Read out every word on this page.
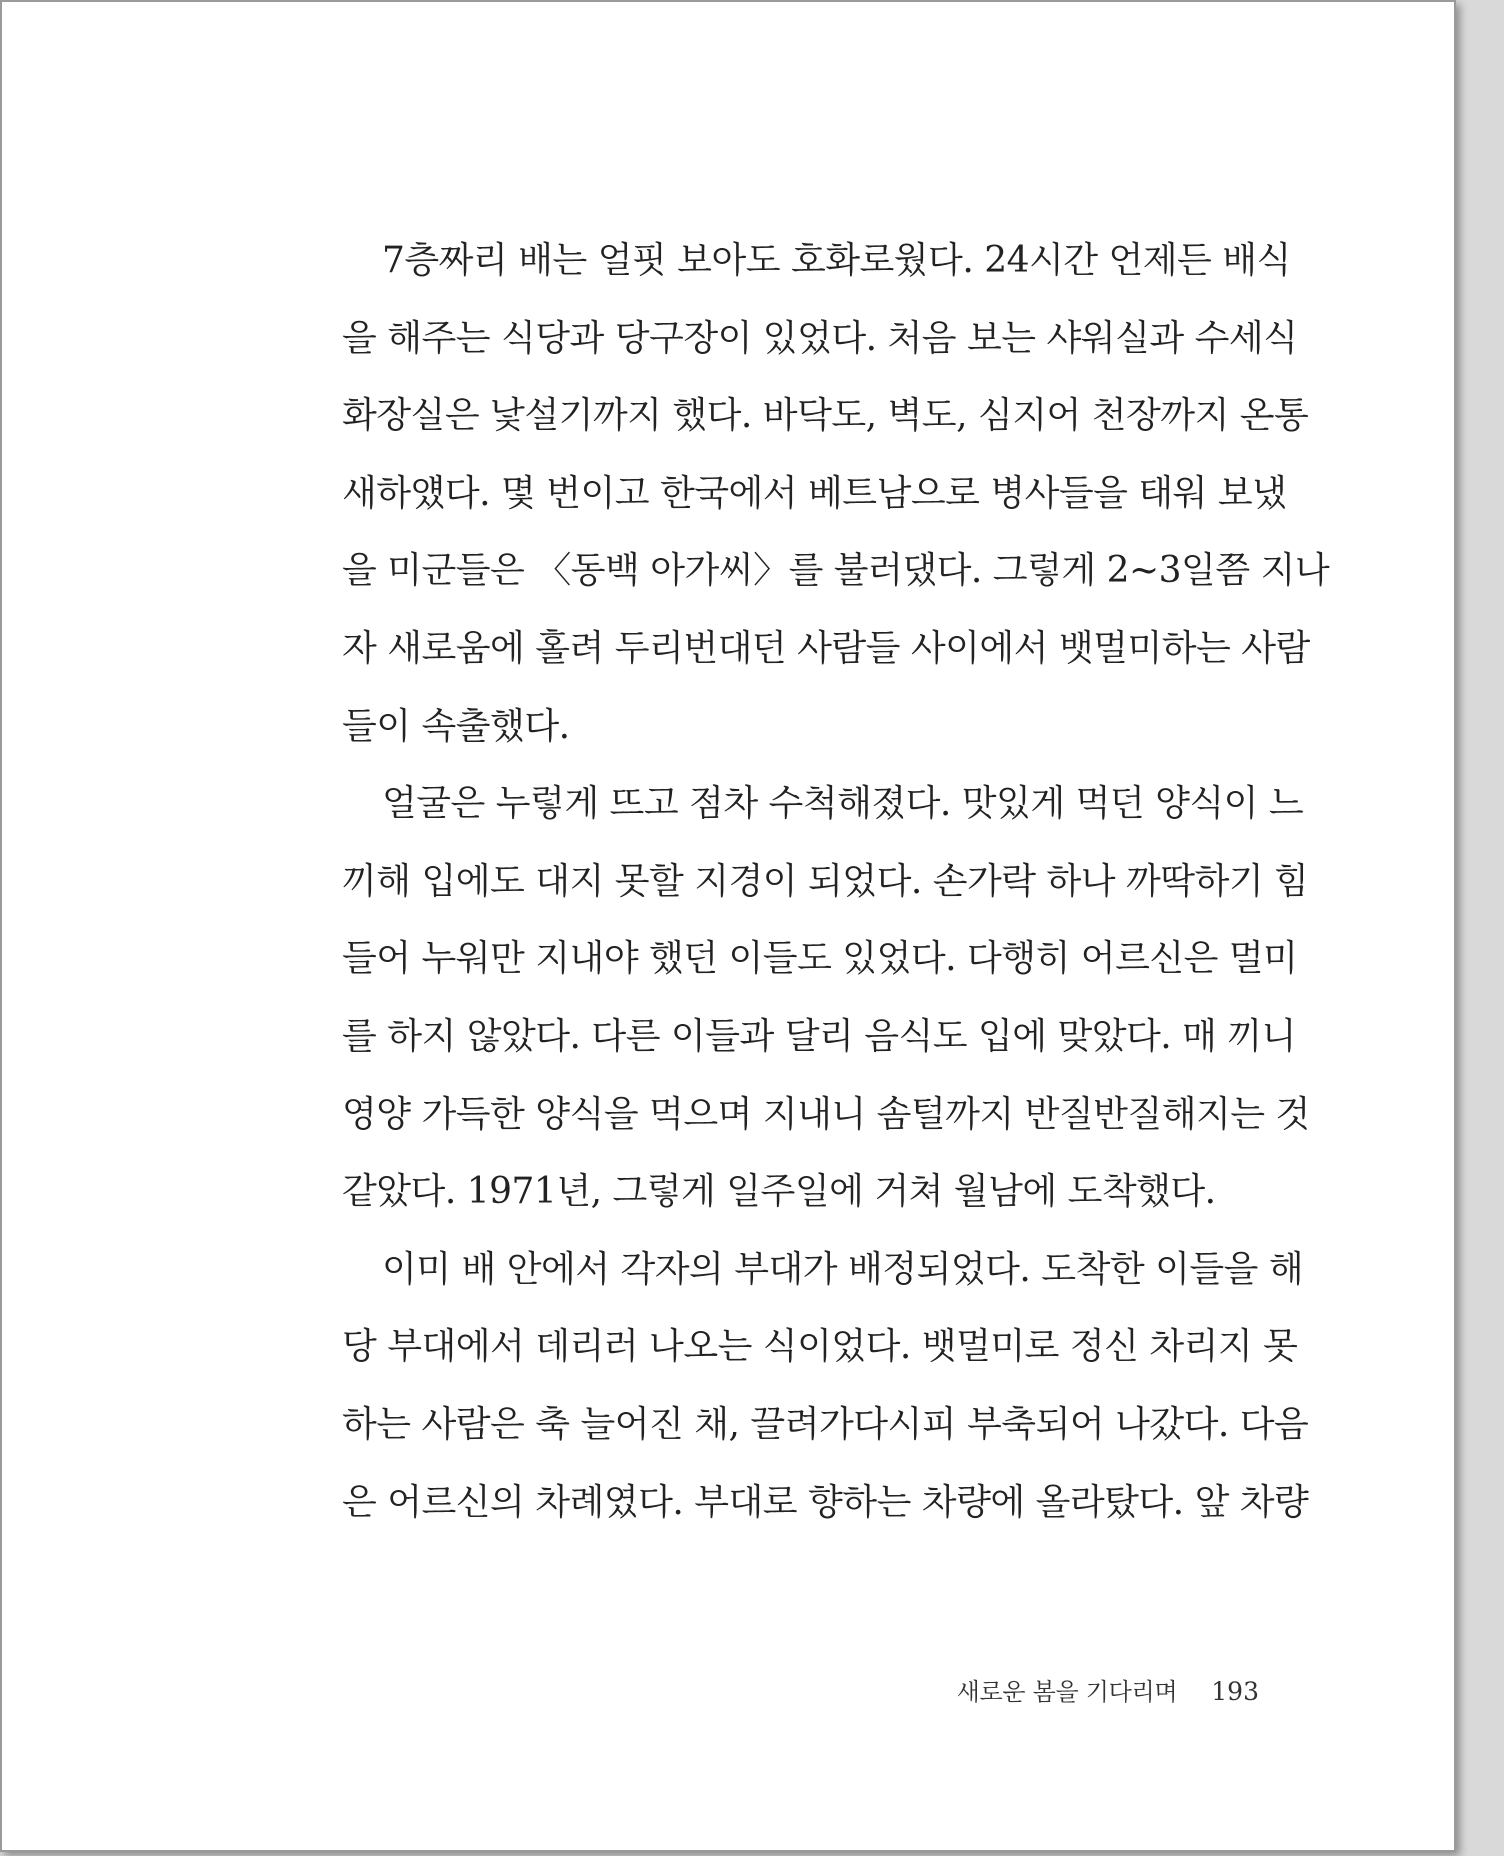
7층짜리 배는 얼핏 보아도 호화로웠다. 24시간 언제든 배식
을 해주는 식당과 당구장이 있었다. 처음 보는 샤워실과 수세식
화장실은 낯설기까지 했다. 바닥도, 벽도, 심지어 천장까지 온통
새하얬다. 몇 번이고 한국에서 베트남으로 병사들을 태워 보냈
을 미군들은 〈동백 아가씨〉를 불러댔다. 그렇게 2~3일쯤 지나
자 새로움에 홀려 두리번대던 사람들 사이에서 뱃멀미하는 사람
들이 속출했다.
얼굴은 누렇게 뜨고 점차 수척해졌다. 맛있게 먹던 양식이 느
끼해 입에도 대지 못할 지경이 되었다. 손가락 하나 까딱하기 힘
들어 누워만 지내야 했던 이들도 있었다. 다행히 어르신은 멀미
를 하지 않았다. 다른 이들과 달리 음식도 입에 맞았다. 매 끼니
영양 가득한 양식을 먹으며 지내니 솜털까지 반질반질해지는 것
같았다. 1971년, 그렇게 일주일에 거쳐 월남에 도착했다.
이미 배 안에서 각자의 부대가 배정되었다. 도착한 이들을 해
당 부대에서 데리러 나오는 식이었다. 뱃멀미로 정신 차리지 못
하는 사람은 축 늘어진 채, 끌려가다시피 부축되어 나갔다. 다음
은 어르신의 차례였다. 부대로 향하는 차량에 올라탔다. 앞 차량
새로운 봄을 기다리며 193
